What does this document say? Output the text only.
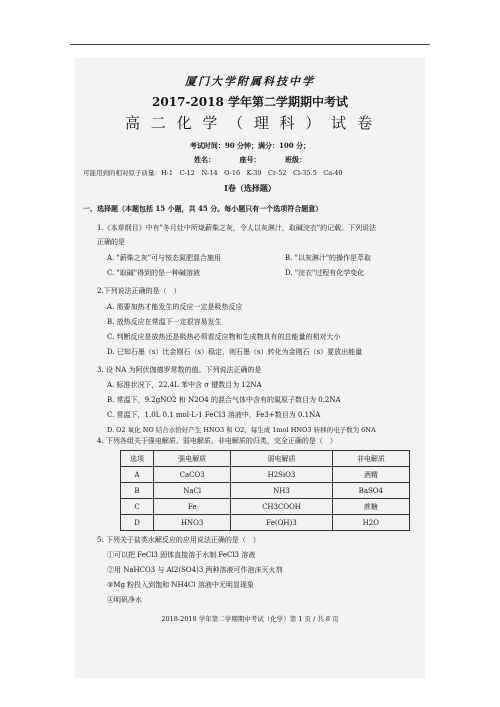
厦门大学附属科技中学
2017-2018 学年第二学期期中考试
高 二 化 学 （ 理 科 ） 试 卷
考试时间：90 分钟；满分：100 分；
姓名：　　　　座号：　　　　班级：
可能用到的相对原子质量：H-1　C-12　N-14　O-16　K-39　Cr-52　Cl-35.5　Ca-40
Ⅰ卷（选择题）
一、选择题（本题包括 15 小题，共 45 分。每小题只有一个选项符合题意）
1.《本草纲目》中有"冬月灶中所烧薪柴之灰，令人以灰淋汁，取碱浣衣"的记载。下列说法
正确的是
A. "薪柴之灰"可与铵态氮肥混合施用	B. "以灰淋汁"的操作是萃取
C. "取碱"得到的是一种碱溶液	D. "浣衣"过程有化学变化
2.下列说法正确的是（　）
A. 需要加热才能发生的反应一定是吸热反应
B. 放热反应在常温下一定很容易发生
C. 判断反应是放热还是吸热必须看反应物和生成物具有的总能量的相对大小
D. 已知石墨（s）比金刚石（s）稳定，则石墨（s）转化为金刚石（s）要放出能量
3. 设 NA 为阿伏伽德罗常数的值。下列说法正确的是
A. 标准状况下，22.4L 苯中含 σ 键数目为 12NA
B. 常温下，9.2gNO2 和 N2O4 的混合气体中含有的氮原子数目为 0.2NA
C. 常温下，1.0L 0.1 mol·L-1 FeCl3 溶液中，Fe3+数目为 0.1NA
D. O2 氧化 NO 结合水恰好产生 HNO3 和 O2，每生成 1mol HNO3 转移的电子数为 6NA
4. 下列各组关于强电解质、弱电解质、非电解质的归类，完全正确的是（　）
选项	强电解质	弱电解质	非电解质
A	CaCO3	H2SiO3	酒精
B	NaCl	NH3	BaSO4
C	Fe	CH3COOH	蔗糖
D	HNO3	Fe(OH)3	H2O
5. 下列关于盐类水解反应的应用说法正确的是（　）
①可以把 FeCl3 固体直接溶于水制 FeCl3 溶液
②用 NaHCO3 与 Al2(SO4)3 两种溶液可作泡沫灭火剂
③Mg 粉投入到饱和 NH4Cl 溶液中无明显现象
④明矾净水
2018-2018 学年第二学期期中考试（化学）第 1 页 / 共 8 页
